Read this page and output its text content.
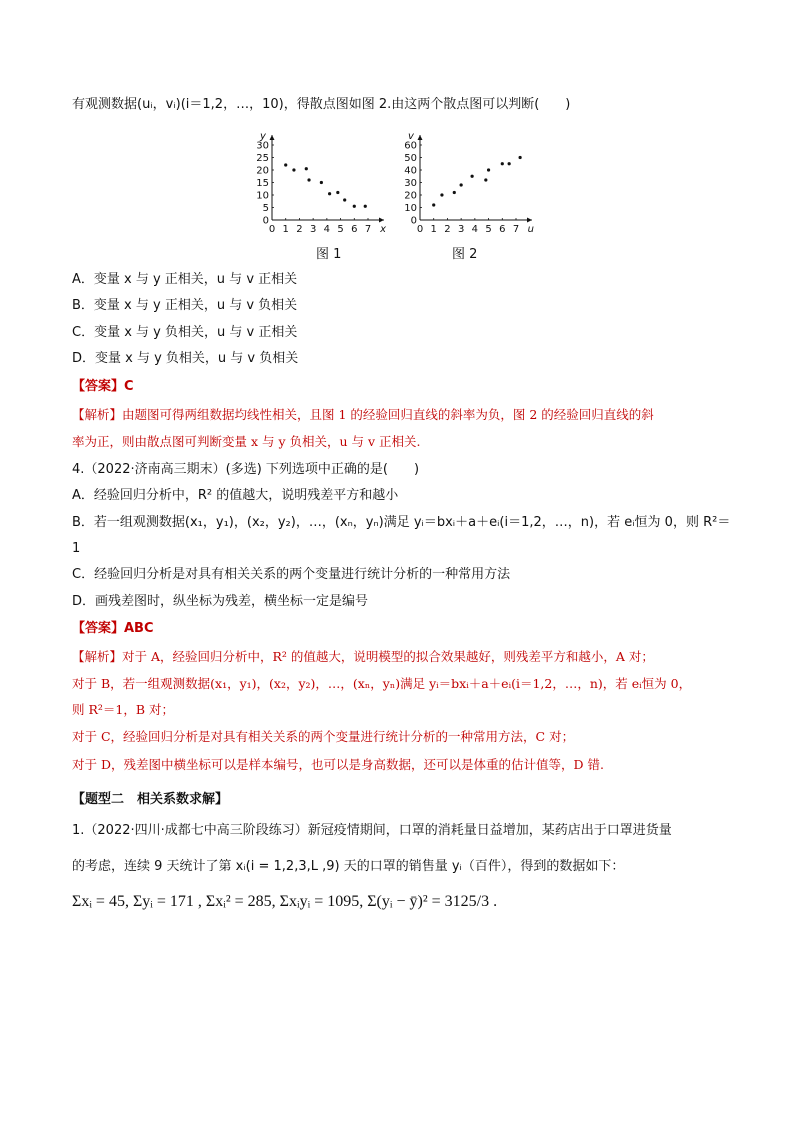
有观测数据(uᵢ，vᵢ)(i＝1,2，…，10)，得散点图如图 2.由这两个散点图可以判断(　　)
0 1 2 3 4 5 6 7
0
5
10
15
20
25
30
x
y
图 1
0 1 2 3 4 5 6 7
0
10
20
30
40
50
60
u
v
图 2
A．变量 x 与 y 正相关，u 与 v 正相关
B．变量 x 与 y 正相关，u 与 v 负相关
C．变量 x 与 y 负相关，u 与 v 正相关
D．变量 x 与 y 负相关，u 与 v 负相关
【答案】C
【解析】由题图可得两组数据均线性相关，且图 1 的经验回归直线的斜率为负，图 2 的经验回归直线的斜
率为正，则由散点图可判断变量 x 与 y 负相关，u 与 v 正相关.
4.（2022·济南高三期末）(多选) 下列选项中正确的是(　　)
A．经验回归分析中，R² 的值越大，说明残差平方和越小
B．若一组观测数据(x₁，y₁)，(x₂，y₂)，…，(xₙ，yₙ)满足 yᵢ＝bxᵢ＋a＋eᵢ(i＝1,2，…，n)，若 eᵢ恒为 0，则 R²＝
1
C．经验回归分析是对具有相关关系的两个变量进行统计分析的一种常用方法
D．画残差图时，纵坐标为残差，横坐标一定是编号
【答案】ABC
【解析】对于 A，经验回归分析中，R² 的值越大，说明模型的拟合效果越好，则残差平方和越小，A 对；
对于 B，若一组观测数据(x₁，y₁)，(x₂，y₂)，…，(xₙ，yₙ)满足 yᵢ＝bxᵢ＋a＋eᵢ(i＝1,2，…，n)，若 eᵢ恒为 0，
则 R²＝1，B 对；
对于 C，经验回归分析是对具有相关关系的两个变量进行统计分析的一种常用方法，C 对；
对于 D，残差图中横坐标可以是样本编号，也可以是身高数据，还可以是体重的估计值等，D 错.
【题型二　相关系数求解】
1.（2022·四川·成都七中高三阶段练习）新冠疫情期间，口罩的消耗量日益增加，某药店出于口罩进货量
的考虑，连续 9 天统计了第 xᵢ(i = 1,2,3,L ,9) 天的口罩的销售量 yᵢ（百件），得到的数据如下：
Σxᵢ = 45, Σyᵢ = 171 , Σxᵢ² = 285, Σxᵢyᵢ = 1095, Σ(yᵢ − ȳ)² = 3125/3 .
